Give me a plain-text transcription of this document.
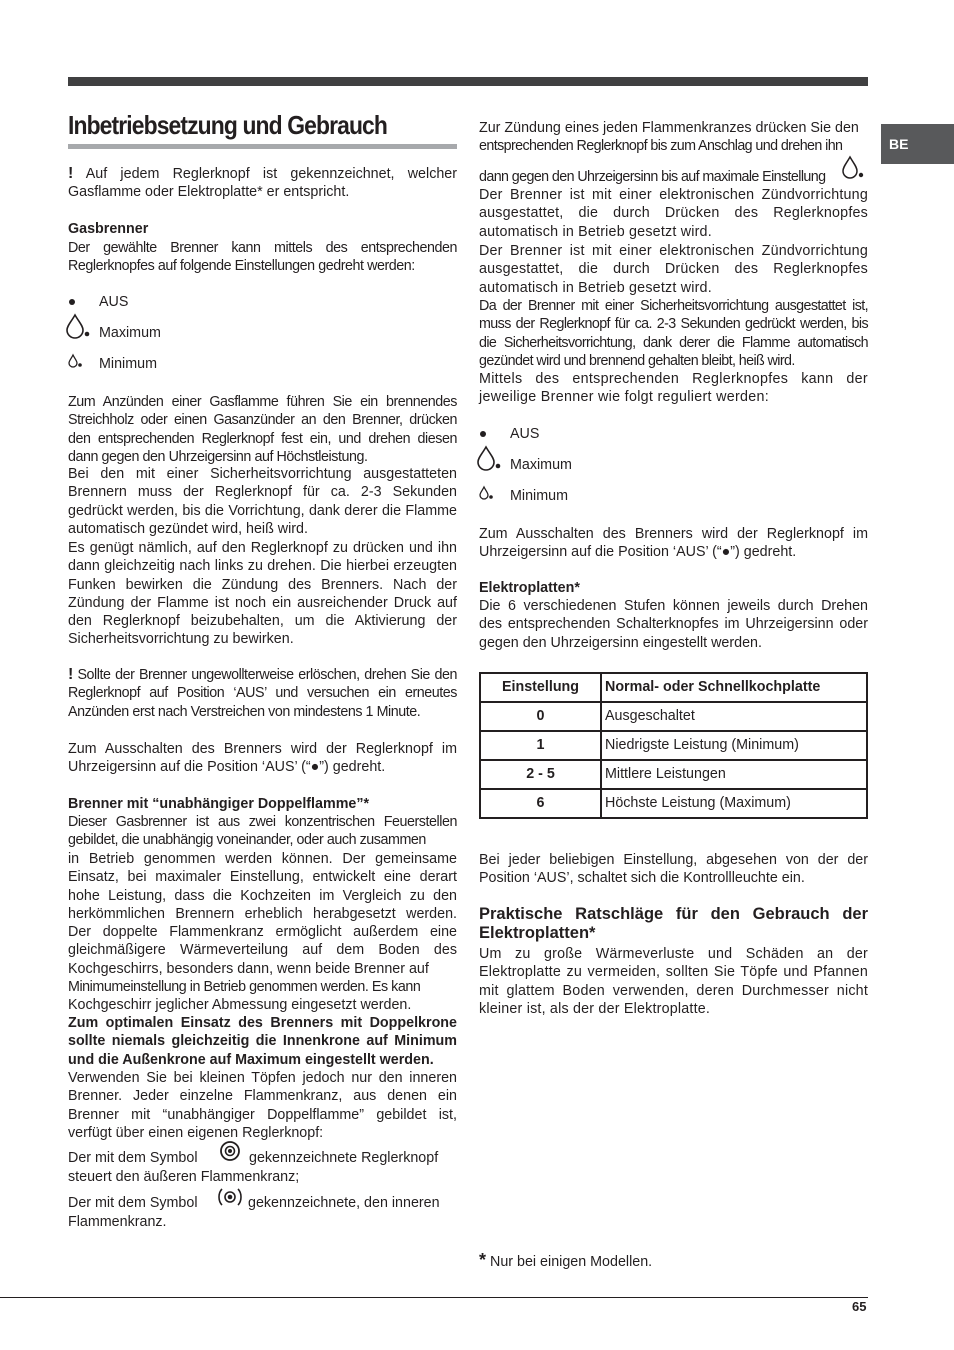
BE
Inbetriebsetzung und Gebrauch

! Auf jedem Reglerknopf ist gekennzeichnet, welcher Gasflamme oder Elektroplatte* er entspricht.

Gasbrenner

Der gewählte Brenner kann mittels des entsprechenden Reglerknopfes auf folgende Einstellungen gedreht werden:

AUS
Maximum
Minimum

Zum Anzünden einer Gasflamme führen Sie ein brennendes Streichholz oder einen Gasanzünder an den Brenner, drücken den entsprechenden Reglerknopf fest ein, und drehen diesen dann gegen den Uhrzeigersinn auf Höchstleistung.

Bei den mit einer Sicherheitsvorrichtung ausgestatteten Brennern muss der Reglerknopf für ca. 2-3 Sekunden gedrückt werden, bis die Vorrichtung, dank derer die Flamme automatisch gezündet wird, heiß wird.

Es genügt nämlich, auf den Reglerknopf zu drücken und ihn dann gleichzeitig nach links zu drehen. Die hierbei erzeugten Funken bewirken die Zündung des Brenners. Nach der Zündung der Flamme ist noch ein ausreichender Druck auf den Reglerknopf beizubehalten, um die Aktivierung der Sicherheitsvorrichtung zu bewirken.

! Sollte der Brenner ungewollterweise erlöschen, drehen Sie den Reglerknopf auf Position ‘AUS’ und versuchen ein erneutes Anzünden erst nach Verstreichen von mindestens 1 Minute.

Zum Ausschalten des Brenners wird der Reglerknopf im Uhrzeigersinn auf die Position ‘AUS’ (“●”) gedreht.

Brenner mit “unabhängiger Doppelflamme”*

Dieser Gasbrenner ist aus zwei konzentrischen Feuerstellen gebildet, die unabhängig voneinander, oder auch zusammen

in Betrieb genommen werden können. Der gemeinsame Einsatz, bei maximaler Einstellung, entwickelt eine derart hohe Leistung, dass die Kochzeiten im Vergleich zu den herkömmlichen Brennern erheblich herabgesetzt werden. Der doppelte Flammenkranz ermöglicht außerdem eine gleichmäßigere Wärmeverteilung auf dem Boden des Kochgeschirrs, besonders dann, wenn beide Brenner auf

Minimumeinstellung in Betrieb genommen werden. Es kann

Kochgeschirr jeglicher Abmessung eingesetzt werden.

Zum optimalen Einsatz des Brenners mit Doppelkrone sollte niemals gleichzeitig die Innenkrone auf Minimum und die Außenkrone auf Maximum eingestellt werden.

Verwenden Sie bei kleinen Töpfen jedoch nur den inneren Brenner. Jeder einzelne Flammenkranz, aus denen ein Brenner mit “unabhängiger Doppelflamme” gebildet ist, verfügt über einen eigenen Reglerknopf:

Der mit dem Symbol	gekennzeichnete Reglerknopf

steuert den äußeren Flammenkranz;

Der mit dem Symbol	gekennzeichnete, den inneren

Flammenkranz.

Zur Zündung eines jeden Flammenkranzes drücken Sie den

entsprechenden Reglerknopf bis zum Anschlag und drehen ihn

dann gegen den Uhrzeigersinn bis auf maximale Einstellung

Der Brenner ist mit einer elektronischen Zündvorrichtung ausgestattet, die durch Drücken des Reglerknopfes automatisch in Betrieb gesetzt wird.

Der Brenner ist mit einer elektronischen Zündvorrichtung ausgestattet, die durch Drücken des Reglerknopfes automatisch in Betrieb gesetzt wird.

Da der Brenner mit einer Sicherheitsvorrichtung ausgestattet ist, muss der Reglerknopf für ca. 2-3 Sekunden gedrückt werden, bis die Sicherheitsvorrichtung, dank derer die Flamme automatisch gezündet wird und brennend gehalten bleibt, heiß wird.

Mittels des entsprechenden Reglerknopfes kann der jeweilige Brenner wie folgt reguliert werden:

AUS
Maximum
Minimum

Zum Ausschalten des Brenners wird der Reglerknopf im Uhrzeigersinn auf die Position ‘AUS’ (“●”) gedreht.

Elektroplatten*

Die 6 verschiedenen Stufen können jeweils durch Drehen des entsprechenden Schalterknopfes im Uhrzeigersinn oder gegen den Uhrzeigersinn eingestellt werden.

Einstellung	Normal- oder Schnellkochplatte
0	Ausgeschaltet
1	Niedrigste Leistung (Minimum)
2 - 5	Mittlere Leistungen
6	Höchste Leistung (Maximum)

Bei jeder beliebigen Einstellung, abgesehen von der der Position ‘AUS’, schaltet sich die Kontrollleuchte ein.

Praktische Ratschläge für den Gebrauch der Elektroplatten*

Um zu große Wärmeverluste und Schäden an der Elektroplatte zu vermeiden, sollten Sie Töpfe und Pfannen mit glattem Boden verwenden, deren Durchmesser nicht kleiner ist, als der der Elektroplatte.

* Nur bei einigen Modellen.
65
